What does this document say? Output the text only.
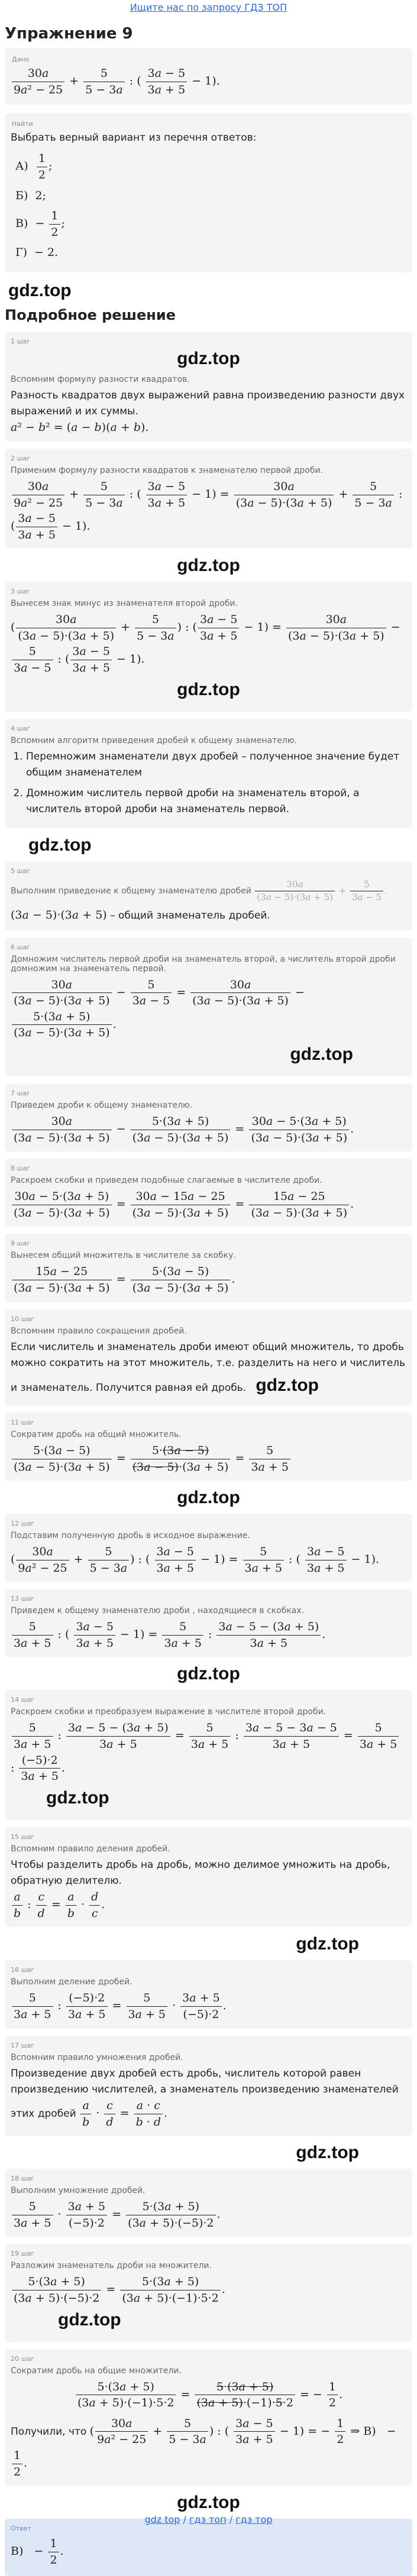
Ищите нас по запросу ГДЗ ТОП
Упражнение 9
Дано
$\frac{30a}{\text{9a² − 25}} + \frac{5}{5 - 3a}$ : ( $\frac{3a - 5}{3a + 5} - 1$).
Найти
Выбрать верный вариант из перечня ответов:
$А) \frac{1}{2}$ ;
Б)  2;
$В) - \frac{1}{2}$ ;
Г)  − 2.
gdz.top
Подробное решение
1 шаг
gdz.top
Вспомним формулу разности квадратов.
Разность квадратов двух выражений равна произведению разности двух выражений и их суммы.
a² − b² = (a − b)(a + b).
2 шаг
Применим формулу разности квадратов к знаменателю первой дроби.
$\frac{30a}{\text{9a² − 25}} + \frac{5}{5 - 3a}$ : ( $\frac{3a - 5}{3a + 5} - 1) = \frac{30a}{(3a - 5)\cdot(3a + 5)} + \frac{5}{5 - 3a}$ : ( $\frac{3a - 5}{3a + 5} - 1$).
gdz.top
3 шаг
Вынесем знак минус из знаменателя второй дроби.
( $\frac{30a}{(3a - 5)\cdot(3a + 5)} + \frac{5}{5 - 3a}$ ) : ( $\frac{3a - 5}{3a + 5} - 1) = \frac{30a}{(3a - 5)\cdot(3a + 5)}$ −
$\frac{5}{3a - 5}$ : ( $\frac{3a - 5}{3a + 5} - 1$).
gdz.top
4 шаг
Вспомним алгоритм приведения дробей к общему знаменателю.
1. Перемножим знаменатели двух дробей – полученное значение будет общим знаменателем
2. Домножим числитель первой дроби на знаменатель второй, а числитель второй дроби на знаменатель первой.
gdz.top
5 шаг
Выполним приведение к общему знаменателю дробей $\frac{30a}{(3a - 5)\cdot(3a + 5)} + \frac{5}{3a - 5}$ .
(3a − 5)·(3a + 5) – общий знаменатель дробей.
6 шаг
Домножим числитель первой дроби на знаменатель второй, а числитель второй дроби домножим на знаменатель первой.
$\frac{30a}{(3a - 5)\cdot(3a + 5)} - \frac{5}{3a - 5} = \frac{30a}{(3a - 5)\cdot(3a + 5)}$ −
$\frac{5\cdot(3a + 5)}{(3a - 5)\cdot(3a + 5)}$ .
gdz.top
7 шаг
Приведем дроби к общему знаменателю.
$\frac{30a}{(3a - 5)\cdot(3a + 5)} - \frac{5\cdot(3a + 5)}{(3a - 5)\cdot(3a + 5)} = \frac{30a - 5\cdot(3a + 5)}{(3a - 5)\cdot(3a + 5)}$ .
8 шаг
Раскроем скобки и приведем подобные слагаемые в числителе дроби.
$\frac{30a - 5\cdot(3a + 5)}{(3a - 5)\cdot(3a + 5)} = \frac{30a - 15a - 25}{(3a - 5)\cdot(3a + 5)} = \frac{15a - 25}{(3a - 5)\cdot(3a + 5)}$ .
9 шаг
Вынесем общий множитель в числителе за скобку.
$\frac{15a - 25}{(3a - 5)\cdot(3a + 5)} = \frac{5\cdot(3a - 5)}{(3a - 5)\cdot(3a + 5)}$ .
10 шаг
Вспомним правило сокращения дробей.
Если числитель и знаменатель дроби имеют общий множитель, то дробь можно сократить на этот множитель, т.е. разделить на него и числитель и знаменатель. Получится равная ей дробь. gdz.top
11 шаг
Сократим дробь на общий множитель.
$\frac{5\cdot(3a - 5)}{(3a - 5)\cdot(3a + 5)} = \frac{5\cdot(3a - 5)}{(3a - 5)\cdot(3a + 5)} = \frac{5}{3a + 5}$
gdz.top
12 шаг
Подставим полученную дробь в исходное выражение.
( $\frac{30a}{\text{9a² − 25}} + \frac{5}{5 - 3a}$ ) : ( $\frac{3a - 5}{3a + 5} - 1) = \frac{5}{3a + 5}$ : ( $\frac{3a - 5}{3a + 5} - 1$).
13 шаг
Приведем к общему знаменателю дроби , находящиеся в скобках.
$\frac{5}{3a + 5}$ : ( $\frac{3a - 5}{3a + 5} - 1) = \frac{5}{3a + 5}$ : $\frac{3a - 5 - (3a + 5)}{3a + 5}$ .
gdz.top
14 шаг
Раскроем скобки и преобразуем выражение в числителе второй дроби.
$\frac{5}{3a + 5}$ : $\frac{3a - 5 - (3a + 5)}{3a + 5} = \frac{5}{3a + 5}$ : $\frac{3a - 5 - 3a - 5}{3a + 5} = \frac{5}{3a + 5}$
: $\frac{(-5)\cdot 2}{3a + 5}$ .
gdz.top
15 шаг
Вспомним правило деления дробей.
Чтобы разделить дробь на дробь, можно делимое умножить на дробь, обратную делителю.
$\frac{a}{b}$ : $\frac{c}{d} = \frac{a}{b} \cdot \frac{d}{c}$ .
gdz.top
16 шаг
Выполним деление дробей.
$\frac{5}{3a + 5}$ : $\frac{(-5)\cdot 2}{3a + 5} = \frac{5}{3a + 5} \cdot \frac{3a + 5}{(-5)\cdot 2}$ .
17 шаг
Вспомним правило умножения дробей.
Произведение двух дробей есть дробь, числитель которой равен произведению числителей, а знаменатель произведению знаменателей этих дробей $\frac{a}{b} \cdot \frac{c}{d} = \frac{a \cdot c}{b \cdot d}$ .
gdz.top
18 шаг
Выполним умножение дробей.
$\frac{5}{3a + 5} \cdot \frac{3a + 5}{(-5)\cdot 2} = \frac{5\cdot(3a + 5)}{(3a + 5)\cdot(-5)\cdot 2}$ .
19 шаг
Разложим знаменатель дроби на множители.
$\frac{5\cdot(3a + 5)}{(3a + 5)\cdot(-5)\cdot 2} = \frac{5\cdot(3a + 5)}{(3a + 5)\cdot(-1)\cdot 5\cdot 2}$ .
gdz.top
20 шаг
Сократим дробь на общие множители.
$\frac{5\cdot(3a + 5)}{(3a + 5)\cdot(-1)\cdot 5\cdot 2} = \frac{5\cdot(3a + 5)}{(3a + 5)\cdot(-1)\cdot 5\cdot 2}$ = − $\frac{1}{2}$ .
Получили, что ( $\frac{30a}{\text{9a² − 25}} + \frac{5}{5 - 3a}$ ) : ( $\frac{3a - 5}{3a + 5} - 1$) = − $\frac{1}{2}$ ⇒ В)   −
$\frac{1}{2}$ .
gdz.top
Ответ
$В) - \frac{1}{2}$ .
gdz top / гдз топ / гдз тор
